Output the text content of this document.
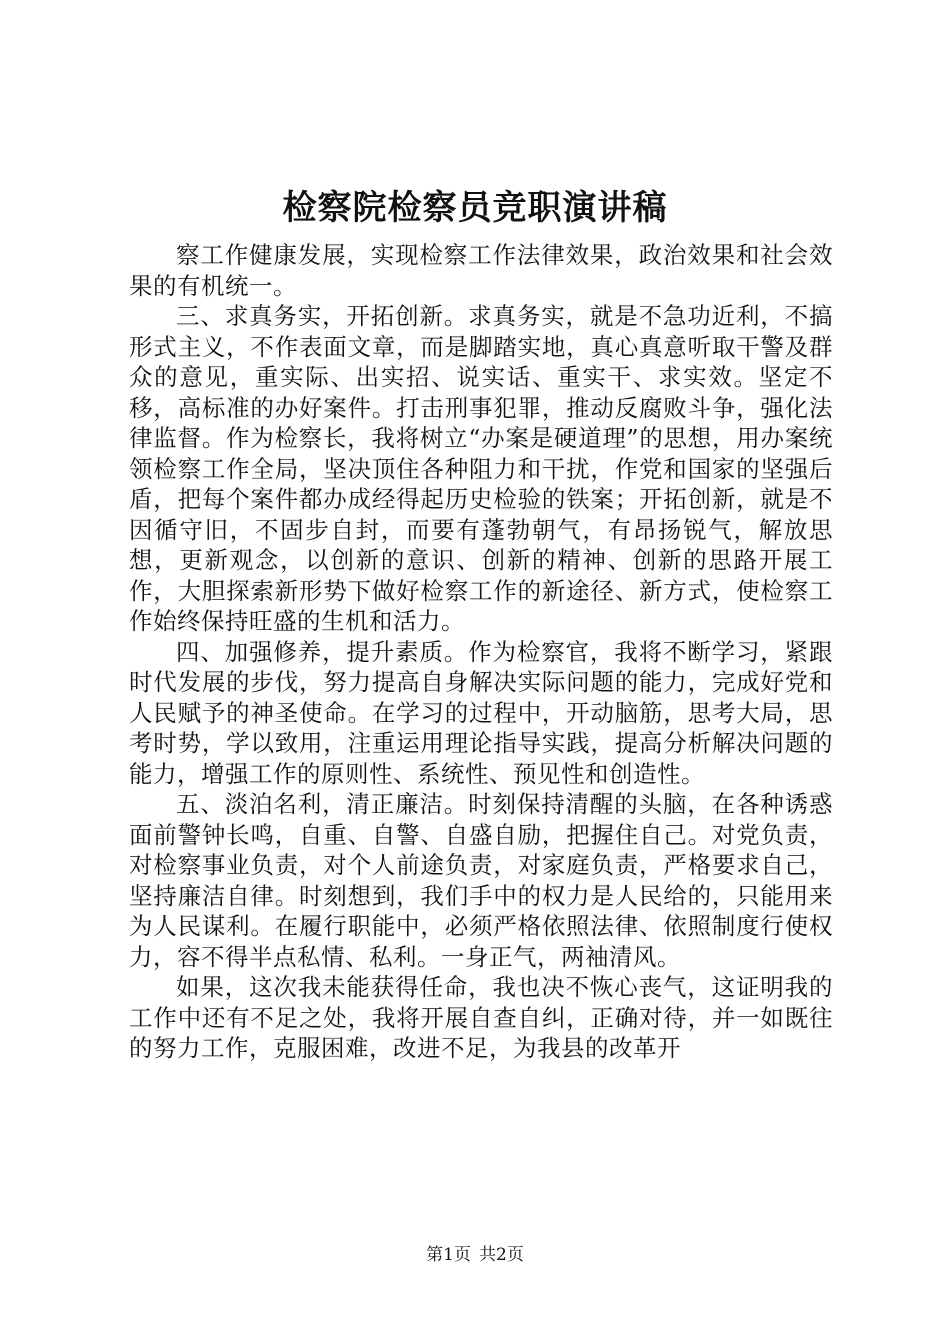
检察院检察员竞职演讲稿

察工作健康发展，实现检察工作法律效果，政治效果和社会效果的有机统一。

三、求真务实，开拓创新。求真务实，就是不急功近利，不搞形式主义，不作表面文章，而是脚踏实地，真心真意听取干警及群众的意见，重实际、出实招、说实话、重实干、求实效。坚定不移，高标准的办好案件。打击刑事犯罪，推动反腐败斗争，强化法律监督。作为检察长，我将树立“办案是硬道理”的思想，用办案统领检察工作全局，坚决顶住各种阻力和干扰，作党和国家的坚强后盾，把每个案件都办成经得起历史检验的铁案；开拓创新，就是不因循守旧，不固步自封，而要有蓬勃朝气，有昂扬锐气，解放思想，更新观念，以创新的意识、创新的精神、创新的思路开展工作，大胆探索新形势下做好检察工作的新途径、新方式，使检察工作始终保持旺盛的生机和活力。

四、加强修养，提升素质。作为检察官，我将不断学习，紧跟时代发展的步伐，努力提高自身解决实际问题的能力，完成好党和人民赋予的神圣使命。在学习的过程中，开动脑筋，思考大局，思考时势，学以致用，注重运用理论指导实践，提高分析解决问题的能力，增强工作的原则性、系统性、预见性和创造性。

五、淡泊名利，清正廉洁。时刻保持清醒的头脑，在各种诱惑面前警钟长鸣，自重、自警、自盛自励，把握住自己。对党负责，对检察事业负责，对个人前途负责，对家庭负责，严格要求自己，坚持廉洁自律。时刻想到，我们手中的权力是人民给的，只能用来为人民谋利。在履行职能中，必须严格依照法律、依照制度行使权力，容不得半点私情、私利。一身正气，两袖清风。

如果，这次我未能获得任命，我也决不恢心丧气，这证明我的工作中还有不足之处，我将开展自查自纠，正确对待，并一如既往的努力工作，克服困难，改进不足，为我县的改革开

第1页 共2页
